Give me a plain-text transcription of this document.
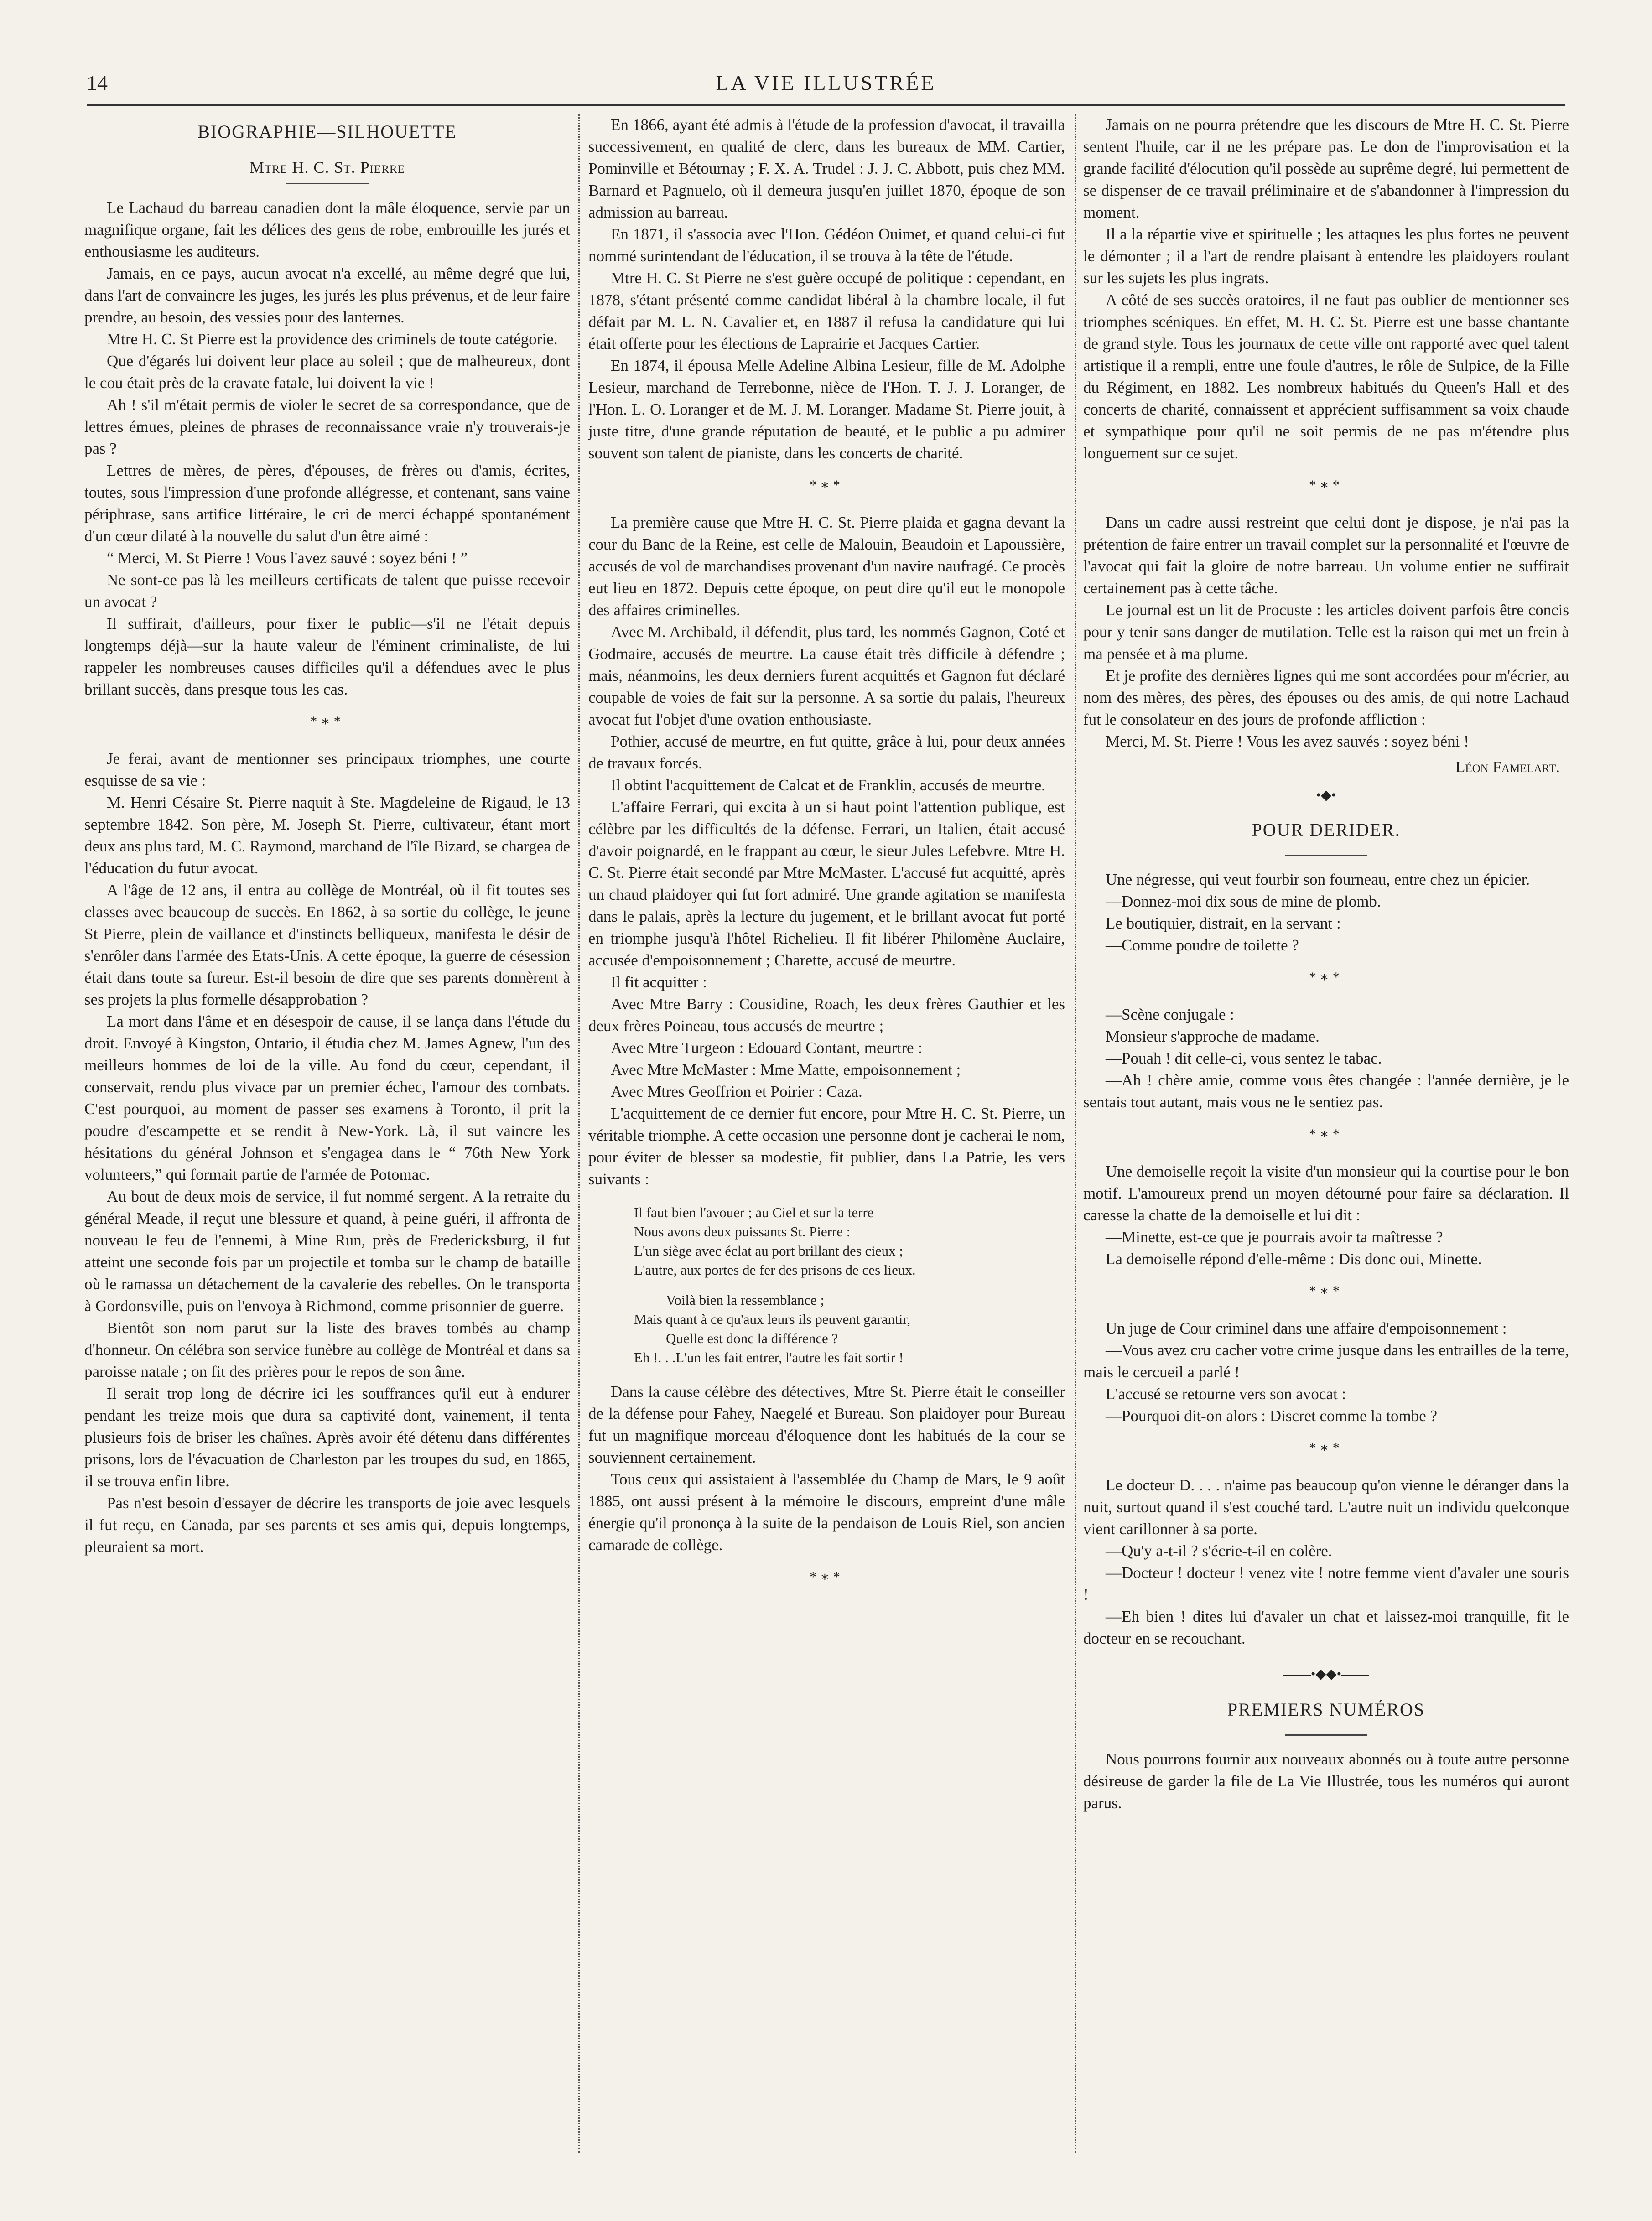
14	LA VIE ILLUSTRÉE
BIOGRAPHIE—SILHOUETTE
Mtre H. C. St. Pierre

Le Lachaud du barreau canadien dont la mâle éloquence, servie par un magnifique organe, fait les délices des gens de robe, embrouille les jurés et enthousiasme les auditeurs.

Jamais, en ce pays, aucun avocat n'a excellé, au même degré que lui, dans l'art de convaincre les juges, les jurés les plus prévenus, et de leur faire prendre, au besoin, des vessies pour des lanternes.

Mtre H. C. St Pierre est la providence des criminels de toute catégorie.

Que d'égarés lui doivent leur place au soleil ; que de malheureux, dont le cou était près de la cravate fatale, lui doivent la vie !

Ah ! s'il m'était permis de violer le secret de sa correspondance, que de lettres émues, pleines de phrases de reconnaissance vraie n'y trouverais-je pas ?

Lettres de mères, de pères, d'épouses, de frères ou d'amis, écrites, toutes, sous l'impression d'une profonde allégresse, et contenant, sans vaine périphrase, sans artifice littéraire, le cri de merci échappé spontanément d'un cœur dilaté à la nouvelle du salut d'un être aimé :

“ Merci, M. St Pierre ! Vous l'avez sauvé : soyez béni ! ”

Ne sont-ce pas là les meilleurs certificats de talent que puisse recevoir un avocat ?

Il suffirait, d'ailleurs, pour fixer le public—s'il ne l'était depuis longtemps déjà—sur la haute valeur de l'éminent criminaliste, de lui rappeler les nombreuses causes difficiles qu'il a défendues avec le plus brillant succès, dans presque tous les cas.

*∗*

Je ferai, avant de mentionner ses principaux triomphes, une courte esquisse de sa vie :

M. Henri Césaire St. Pierre naquit à Ste. Magdeleine de Rigaud, le 13 septembre 1842. Son père, M. Joseph St. Pierre, cultivateur, étant mort deux ans plus tard, M. C. Raymond, marchand de l'île Bizard, se chargea de l'éducation du futur avocat.

A l'âge de 12 ans, il entra au collège de Montréal, où il fit toutes ses classes avec beaucoup de succès. En 1862, à sa sortie du collège, le jeune St Pierre, plein de vaillance et d'instincts belliqueux, manifesta le désir de s'enrôler dans l'armée des Etats-Unis. A cette époque, la guerre de césession était dans toute sa fureur. Est-il besoin de dire que ses parents donnèrent à ses projets la plus formelle désapprobation ?

La mort dans l'âme et en désespoir de cause, il se lança dans l'étude du droit. Envoyé à Kingston, Ontario, il étudia chez M. James Agnew, l'un des meilleurs hommes de loi de la ville. Au fond du cœur, cependant, il conservait, rendu plus vivace par un premier échec, l'amour des combats. C'est pourquoi, au moment de passer ses examens à Toronto, il prit la poudre d'escampette et se rendit à New-York. Là, il sut vaincre les hésitations du général Johnson et s'engagea dans le “ 76th New York volunteers,” qui formait partie de l'armée de Potomac.

Au bout de deux mois de service, il fut nommé sergent. A la retraite du général Meade, il reçut une blessure et quand, à peine guéri, il affronta de nouveau le feu de l'ennemi, à Mine Run, près de Fredericksburg, il fut atteint une seconde fois par un projectile et tomba sur le champ de bataille où le ramassa un détachement de la cavalerie des rebelles. On le transporta à Gordonsville, puis on l'envoya à Richmond, comme prisonnier de guerre.

Bientôt son nom parut sur la liste des braves tombés au champ d'honneur. On célébra son service funèbre au collège de Montréal et dans sa paroisse natale ; on fit des prières pour le repos de son âme.

Il serait trop long de décrire ici les souffrances qu'il eut à endurer pendant les treize mois que dura sa captivité dont, vainement, il tenta plusieurs fois de briser les chaînes. Après avoir été détenu dans différentes prisons, lors de l'évacuation de Charleston par les troupes du sud, en 1865, il se trouva enfin libre.

Pas n'est besoin d'essayer de décrire les transports de joie avec lesquels il fut reçu, en Canada, par ses parents et ses amis qui, depuis longtemps, pleuraient sa mort.

En 1866, ayant été admis à l'étude de la profession d'avocat, il travailla successivement, en qualité de clerc, dans les bureaux de MM. Cartier, Pominville et Bétournay ; F. X. A. Trudel : J. J. C. Abbott, puis chez MM. Barnard et Pagnuelo, où il demeura jusqu'en juillet 1870, époque de son admission au barreau.

En 1871, il s'associa avec l'Hon. Gédéon Ouimet, et quand celui-ci fut nommé surintendant de l'éducation, il se trouva à la tête de l'étude.

Mtre H. C. St Pierre ne s'est guère occupé de politique : cependant, en 1878, s'étant présenté comme candidat libéral à la chambre locale, il fut défait par M. L. N. Cavalier et, en 1887 il refusa la candidature qui lui était offerte pour les élections de Laprairie et Jacques Cartier.

En 1874, il épousa Melle Adeline Albina Lesieur, fille de M. Adolphe Lesieur, marchand de Terrebonne, nièce de l'Hon. T. J. J. Loranger, de l'Hon. L. O. Loranger et de M. J. M. Loranger. Madame St. Pierre jouit, à juste titre, d'une grande réputation de beauté, et le public a pu admirer souvent son talent de pianiste, dans les concerts de charité.

*∗*

La première cause que Mtre H. C. St. Pierre plaida et gagna devant la cour du Banc de la Reine, est celle de Malouin, Beaudoin et Lapoussière, accusés de vol de marchandises provenant d'un navire naufragé. Ce procès eut lieu en 1872. Depuis cette époque, on peut dire qu'il eut le monopole des affaires criminelles.

Avec M. Archibald, il défendit, plus tard, les nommés Gagnon, Coté et Godmaire, accusés de meurtre. La cause était très difficile à défendre ; mais, néanmoins, les deux derniers furent acquittés et Gagnon fut déclaré coupable de voies de fait sur la personne. A sa sortie du palais, l'heureux avocat fut l'objet d'une ovation enthousiaste.

Pothier, accusé de meurtre, en fut quitte, grâce à lui, pour deux années de travaux forcés.

Il obtint l'acquittement de Calcat et de Franklin, accusés de meurtre.

L'affaire Ferrari, qui excita à un si haut point l'attention publique, est célèbre par les difficultés de la défense. Ferrari, un Italien, était accusé d'avoir poignardé, en le frappant au cœur, le sieur Jules Lefebvre. Mtre H. C. St. Pierre était secondé par Mtre McMaster. L'accusé fut acquitté, après un chaud plaidoyer qui fut fort admiré. Une grande agitation se manifesta dans le palais, après la lecture du jugement, et le brillant avocat fut porté en triomphe jusqu'à l'hôtel Richelieu. Il fit libérer Philomène Auclaire, accusée d'empoisonnement ; Charette, accusé de meurtre.

Il fit acquitter :

Avec Mtre Barry : Cousidine, Roach, les deux frères Gauthier et les deux frères Poineau, tous accusés de meurtre ;

Avec Mtre Turgeon : Edouard Contant, meurtre :

Avec Mtre McMaster : Mme Matte, empoisonnement ;

Avec Mtres Geoffrion et Poirier : Caza.

L'acquittement de ce dernier fut encore, pour Mtre H. C. St. Pierre, un véritable triomphe. A cette occasion une personne dont je cacherai le nom, pour éviter de blesser sa modestie, fit publier, dans La Patrie, les vers suivants :

Il faut bien l'avouer ; au Ciel et sur la terre
Nous avons deux puissants St. Pierre :
L'un siège avec éclat au port brillant des cieux ;
L'autre, aux portes de fer des prisons de ces lieux.
Voilà bien la ressemblance ;
Mais quant à ce qu'aux leurs ils peuvent garantir,
Quelle est donc la différence ?
Eh !. . .L'un les fait entrer, l'autre les fait sortir !

Dans la cause célèbre des détectives, Mtre St. Pierre était le conseiller de la défense pour Fahey, Naegelé et Bureau. Son plaidoyer pour Bureau fut un magnifique morceau d'éloquence dont les habitués de la cour se souviennent certainement.

Tous ceux qui assistaient à l'assemblée du Champ de Mars, le 9 août 1885, ont aussi présent à la mémoire le discours, empreint d'une mâle énergie qu'il prononça à la suite de la pendaison de Louis Riel, son ancien camarade de collège.

*∗*

Jamais on ne pourra prétendre que les discours de Mtre H. C. St. Pierre sentent l'huile, car il ne les prépare pas. Le don de l'improvisation et la grande facilité d'élocution qu'il possède au suprême degré, lui permettent de se dispenser de ce travail préliminaire et de s'abandonner à l'impression du moment.

Il a la répartie vive et spirituelle ; les attaques les plus fortes ne peuvent le démonter ; il a l'art de rendre plaisant à entendre les plaidoyers roulant sur les sujets les plus ingrats.

A côté de ses succès oratoires, il ne faut pas oublier de mentionner ses triomphes scéniques. En effet, M. H. C. St. Pierre est une basse chantante de grand style. Tous les journaux de cette ville ont rapporté avec quel talent artistique il a rempli, entre une foule d'autres, le rôle de Sulpice, de la Fille du Régiment, en 1882. Les nombreux habitués du Queen's Hall et des concerts de charité, connaissent et apprécient suffisamment sa voix chaude et sympathique pour qu'il ne soit permis de ne pas m'étendre plus longuement sur ce sujet.

*∗*

Dans un cadre aussi restreint que celui dont je dispose, je n'ai pas la prétention de faire entrer un travail complet sur la personnalité et l'œuvre de l'avocat qui fait la gloire de notre barreau. Un volume entier ne suffirait certainement pas à cette tâche.

Le journal est un lit de Procuste : les articles doivent parfois être concis pour y tenir sans danger de mutilation. Telle est la raison qui met un frein à ma pensée et à ma plume.

Et je profite des dernières lignes qui me sont accordées pour m'écrier, au nom des mères, des pères, des épouses ou des amis, de qui notre Lachaud fut le consolateur en des jours de profonde affliction :

Merci, M. St. Pierre ! Vous les avez sauvés : soyez béni !

Léon Famelart.
•◆•
POUR DERIDER.

Une négresse, qui veut fourbir son fourneau, entre chez un épicier.

—Donnez-moi dix sous de mine de plomb.

Le boutiquier, distrait, en la servant :

—Comme poudre de toilette ?

*∗*

—Scène conjugale :

Monsieur s'approche de madame.

—Pouah ! dit celle-ci, vous sentez le tabac.

—Ah ! chère amie, comme vous êtes changée : l'année dernière, je le sentais tout autant, mais vous ne le sentiez pas.

*∗*

Une demoiselle reçoit la visite d'un monsieur qui la courtise pour le bon motif. L'amoureux prend un moyen détourné pour faire sa déclaration. Il caresse la chatte de la demoiselle et lui dit :

—Minette, est-ce que je pourrais avoir ta maîtresse ?

La demoiselle répond d'elle-même : Dis donc oui, Minette.

*∗*

Un juge de Cour criminel dans une affaire d'empoisonnement :

—Vous avez cru cacher votre crime jusque dans les entrailles de la terre, mais le cercueil a parlé !

L'accusé se retourne vers son avocat :

—Pourquoi dit-on alors : Discret comme la tombe ?

*∗*

Le docteur D. . . . n'aime pas beaucoup qu'on vienne le déranger dans la nuit, surtout quand il s'est couché tard. L'autre nuit un individu quelconque vient carillonner à sa porte.

—Qu'y a-t-il ? s'écrie-t-il en colère.

—Docteur ! docteur ! venez vite ! notre femme vient d'avaler une souris !

—Eh bien ! dites lui d'avaler un chat et laissez-moi tranquille, fit le docteur en se recouchant.

——•◆◆•——
PREMIERS NUMÉROS

Nous pourrons fournir aux nouveaux abonnés ou à toute autre personne désireuse de garder la file de La Vie Illustrée, tous les numéros qui auront parus.
